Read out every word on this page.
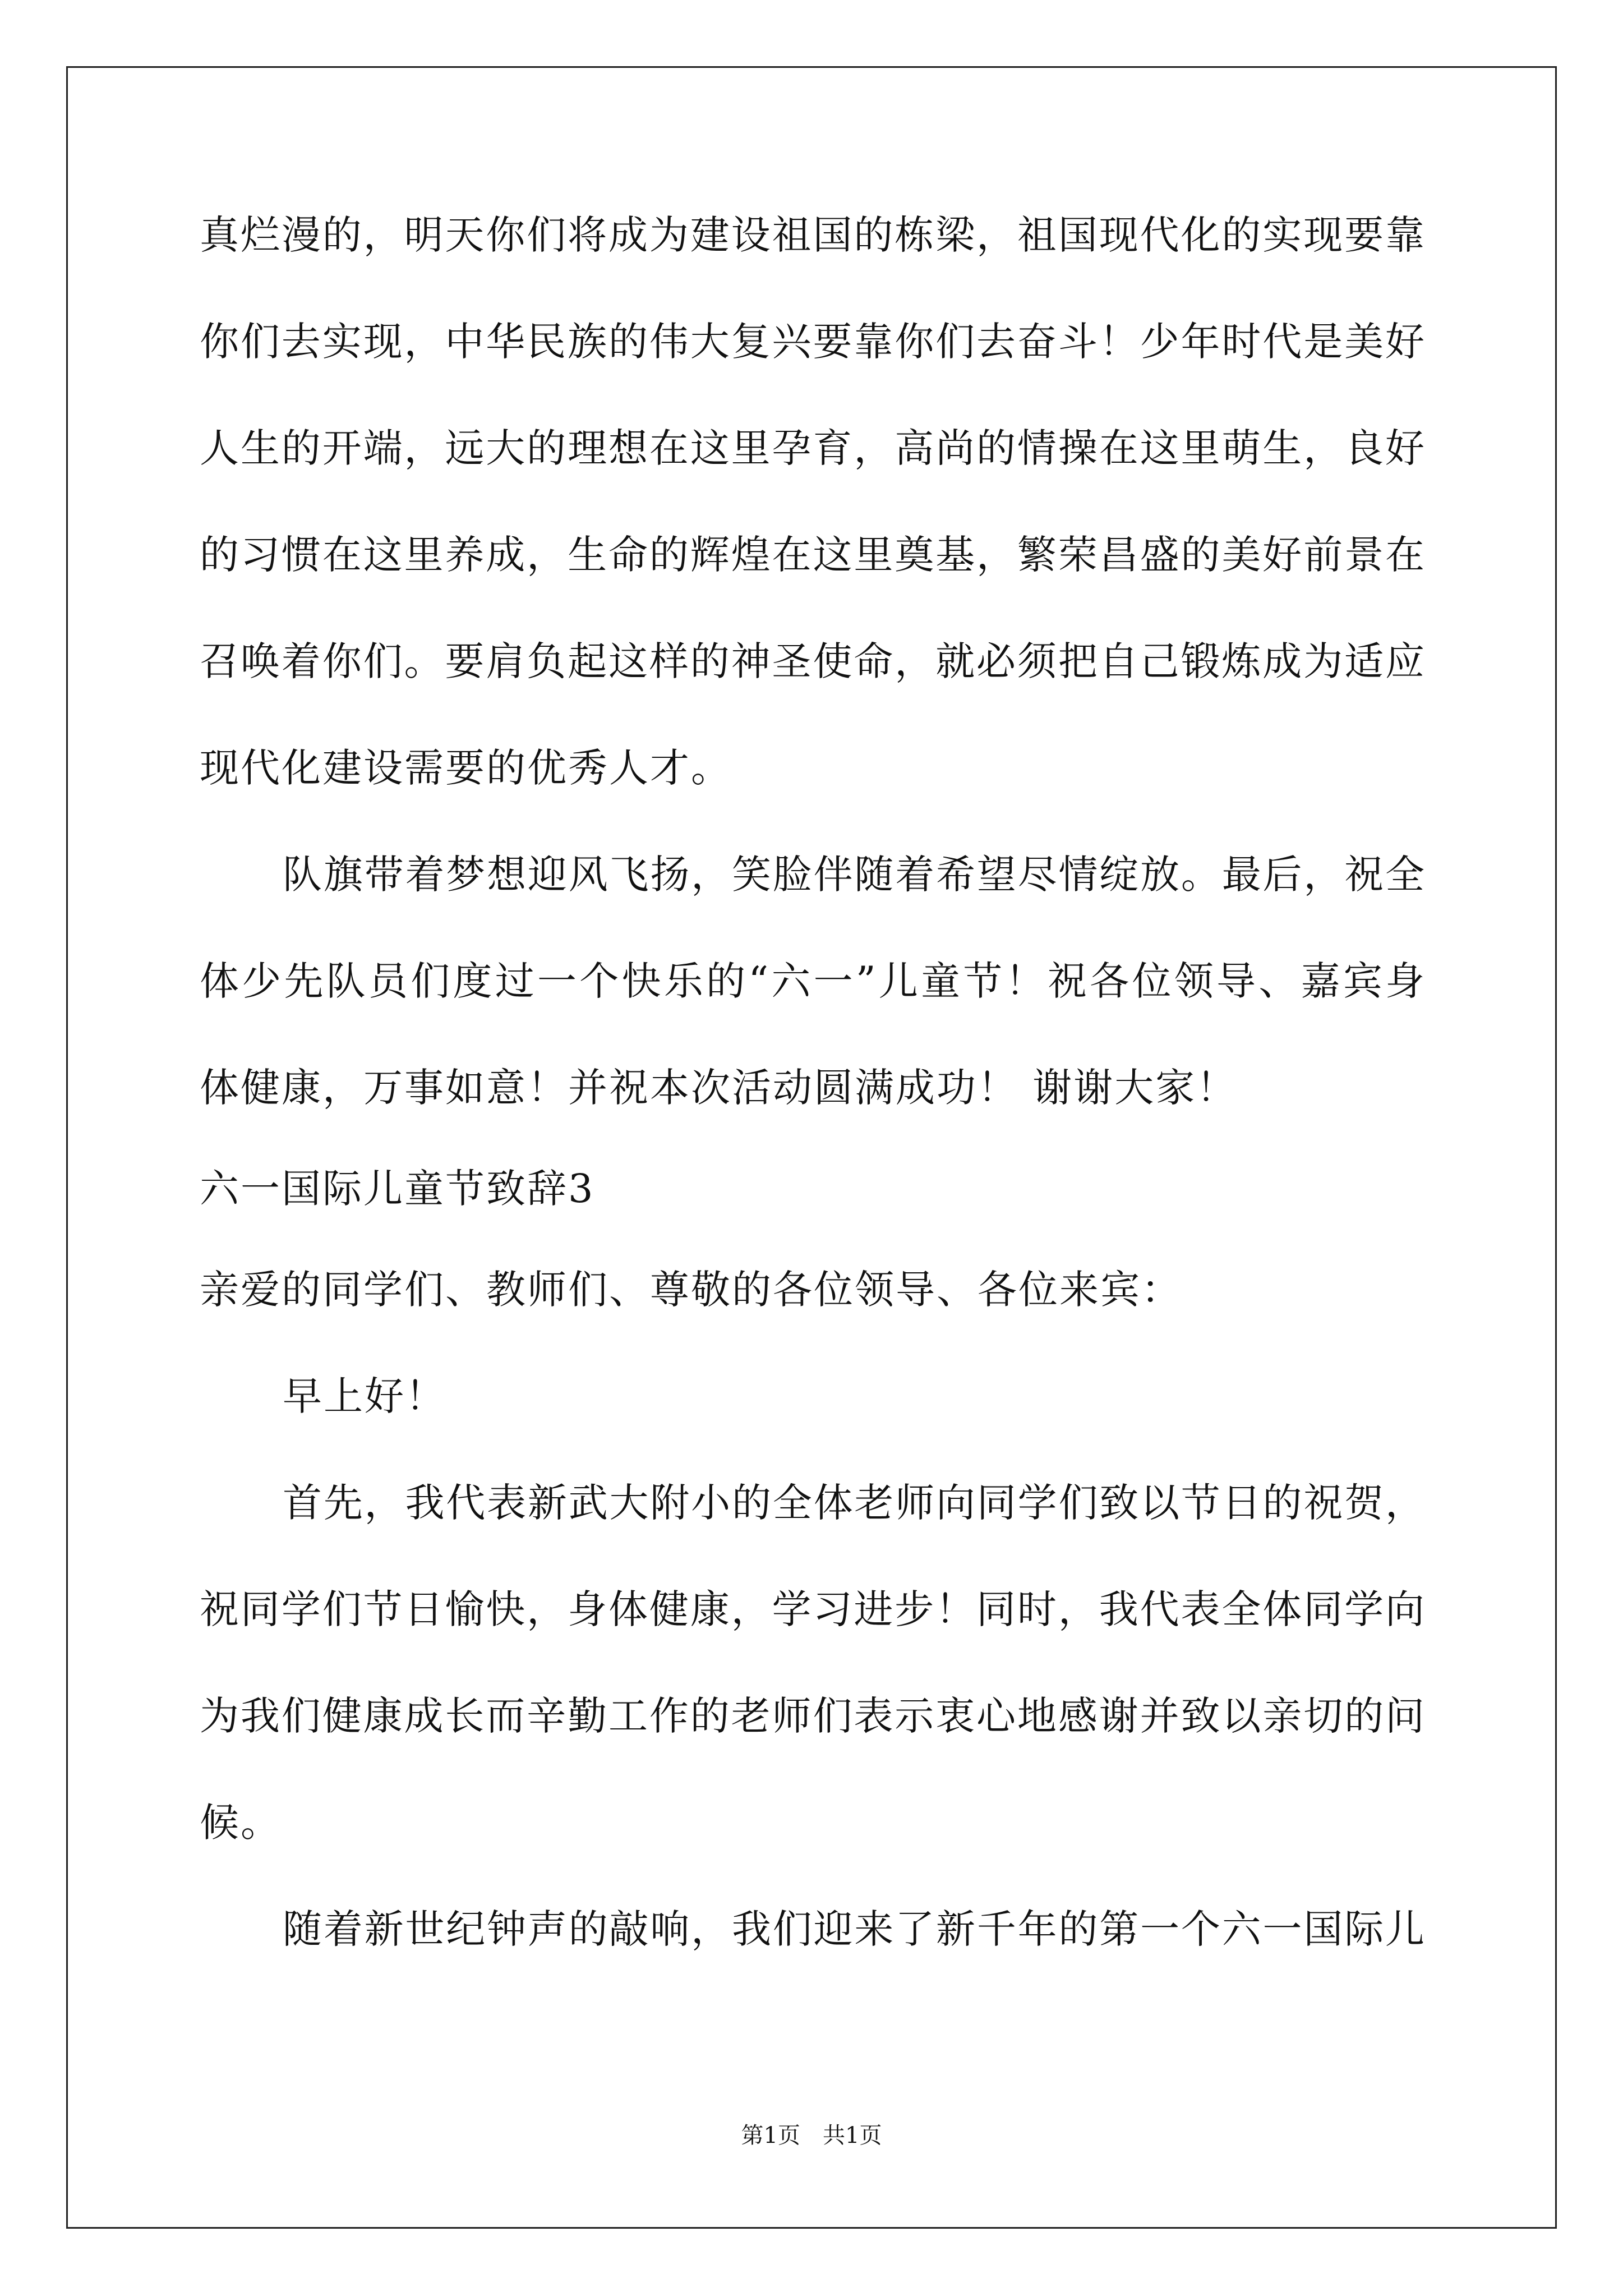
真烂漫的，明天你们将成为建设祖国的栋梁，祖国现代化的实现要靠
你们去实现，中华民族的伟大复兴要靠你们去奋斗！少年时代是美好
人生的开端，远大的理想在这里孕育，高尚的情操在这里萌生，良好
的习惯在这里养成，生命的辉煌在这里奠基，繁荣昌盛的美好前景在
召唤着你们。要肩负起这样的神圣使命，就必须把自己锻炼成为适应
现代化建设需要的优秀人才。
队旗带着梦想迎风飞扬，笑脸伴随着希望尽情绽放。最后，祝全
体少先队员们度过一个快乐的“六一”儿童节！祝各位领导、嘉宾身
体健康，万事如意！并祝本次活动圆满成功！ 谢谢大家！
六一国际儿童节致辞3
亲爱的同学们、教师们、尊敬的各位领导、各位来宾：
早上好！
首先，我代表新武大附小的全体老师向同学们致以节日的祝贺，
祝同学们节日愉快，身体健康，学习进步！同时，我代表全体同学向
为我们健康成长而辛勤工作的老师们表示衷心地感谢并致以亲切的问
候。
随着新世纪钟声的敲响，我们迎来了新千年的第一个六一国际儿
第1页　共1页
